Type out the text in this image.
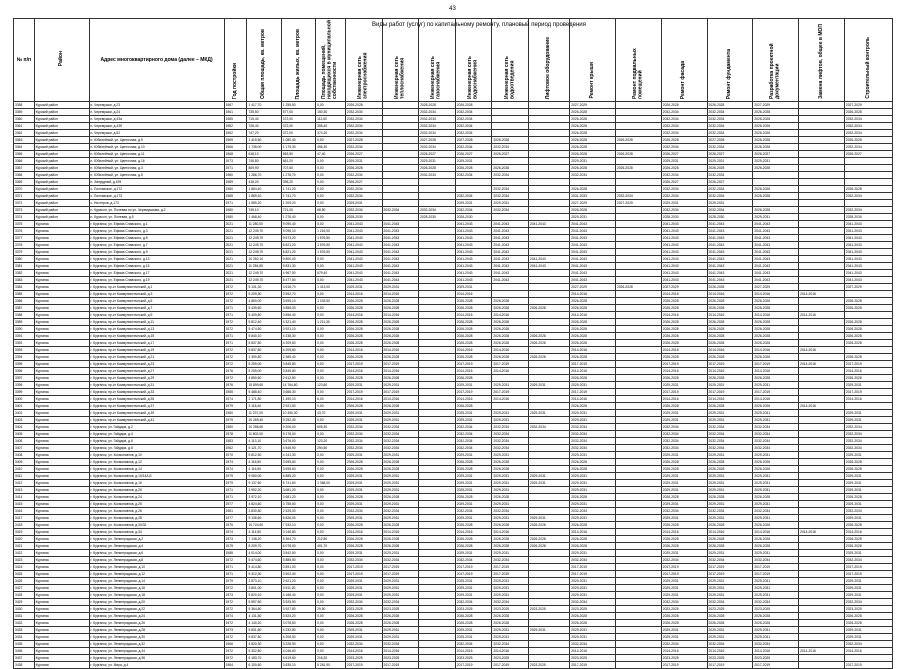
43
№ п/п	Район	Адрес многоквартирного дома (далее – МКД)	Год постройки	Общая площадь, кв. метров	Площадь жилых, кв. метров	Площадь помещений, находящихся в муниципальной собственности	Инженерная сеть электроснабжения	Инженерная сеть теплоснабжения	Инженерная сеть газоснабжения	Инженерная сеть водоснабжения	Инженерная сеть водоотведения	Лифтовое оборудование	Ремонт крыши	Ремонт подвальных помещений	Ремонт фасада	Ремонт фундамента	Разработка проектной документации	Замена лифтов, общее в МОП	Строительный контроль
3358	Курский район	п. Черемушки, д.23	1967	1 417,70	1 255,50	0,00	2026-2028		2026-2028	2026-2028			2027-2029		2026-2028	2026-2028	2027-2029		2027-2029
3359	Курский район	п. Черемушки, д.24	1961	735,50	577,00	150,30	2032-2034		2032-2034	2032-2034			2026-2028		2032-2034	2032-2034	2026-2028		2026-2028
3360	Курский район	п. Черемушки, д.43а	1985	715,40	372,00	112,60	2032-2034		2032-2034	2032-2034			2026-2028		2032-2034	2032-2034	2026-2028		2032-2034
3361	Курский район	п. Черемушки, д.43б	1982	728,40	372,00	355,40	2032-2034		2032-2034	2032-2034			2026-2028		2032-2034	2032-2034	2026-2028		2032-2034
3362	Курский район	п. Черемушки, д.52	1962	747,20	372,00	374,20	2032-2034		2032-2034	2032-2034			2026-2028		2032-2034	2032-2034	2026-2028		2032-2034
3363	Курский район	п. Юбилейный, ул. Цветочная, д.9	1969	1 415,50	1 080,40	0,00	2027-2028		2027-2028	2027-2028	2026-2028		2026-2028	2026-2028	2026-2028	2027-2028	2026-2028		2026-2028
3364	Курский район	п. Юбилейный, ул. Цветочная, д.10	1966	1 738,00	1 175,30	456,30	2032-2034		2032-2034	2032-2034	2032-2034		2026-2028		2032-2034	2032-2034	2026-2028		2032-2034
3365	Курский район	п. Юбилейный, ул. Цветочная, д.11	1968	618,10	563,50	47,40	2026-2027		2026-2027	2026-2027	2026-2027		2026-2028	2026-2028	2026-2027	2026-2027	2026-2027		2026-2027
3366	Курский район	п. Юбилейный, ул. Цветочная, д.16	1973	746,80	681,20	0,00	2029-2031		2029-2031	2029-2031			2029-2031		2029-2031	2029-2031	2029-2031		
3367	Курский район	п. Юбилейный, ул. Цветочная, д.3	1971	809,90	707,60	0,00	2026-2028		2026-2028	2026-2028	2026-2028		2026-2028	2026-2028	2026-2028	2026-2028	2026-2028		
3368	Курский район	п. Юбилейный, ул. Цветочная, д.5	1980	1 286,70	1 278,70	0,00	2032-2034		2032-2034	2032-2034	2032-2034		2032-2034		2032-2034	2032-2034			
3369	Курский район	п. Запрудный, д.199	1989	418,20	395,20	0,00	2026-2027								2026-2027	2026-2027			
3370	Курский район	с. Полтавское, д.172	1980	1 884,40	1 741,20	0,00	2032-2034				2032-2034		2026-2028		2032-2034	2032-2034	2026-2028		2026-2028
3371	Курский район	с. Полтавское, д.173	1985	1 869,10	1 741,70	0,00	2032-2034			2032-2034	2032-2034		2031-2033	2032-2034	2032-2034	2032-2034	2026-2028		2032-2034
3372	Курский район	с. Нестеров, д.173	1971	1 589,20	1 205,20	0,00	2029-2031			2029-2031	2029-2031		2027-2029	2027-2029	2029-2031	2029-2031			
3373	Курский район	п. Курасон, ул. Полевая по ул. Черемушкова, д.2	1980	745,10	721,00	68,50	2032-2034	2032-2034	2032-2034	2032-2034	2032-2034		2026-2028		2032-2034	2032-2034	2026-2028		2032-2034
3374	Курский район	п. Курасон, ул. Полевая, д.5	1980	1 468,40	1 276,40	0,00	2028-2030		2028-2030	2028-2030			2029-2031		2028-2030	2028-2030	2029-2031		2028-2030
3375	Курганск	г. Курганск, ул. Ефима Славского, д.1	2021	11 280,00	9 090,40	0,00	2041-2043	2041-2043		2041-2043	2041-2043	2041-2043	2041-2043		2041-2043	2041-2043	2041-2043		2041-2043
3376	Курганск	г. Курганск, ул. Ефима Славского, д.3	2021	12 249,70	9 096,10	1 216,00	2041-2043	2041-2043		2041-2043	2041-2043		2041-2043		2041-2043	2041-2043	2041-2043		2041-2043
3377	Курганск	г. Курганск, ул. Ефима Славского, д.5	2021	12 249,70	9 673,20	1 576,50	2041-2043	2041-2043		2041-2043	2041-2043		2041-2043		2041-2043	2041-2043	2041-2043		2041-2043
3378	Курганск	г. Курганск, ул. Ефима Славского, д.7	2021	12 249,70	8 821,20	1 576,50	2041-2043	2041-2043		2041-2043	2041-2043		2041-2043		2041-2043	2041-2043	2041-2043		2041-2043
3379	Курганск	г. Курганск, ул. Ефима Славского, д.9	2021	12 249,70	8 821,20	1 576,50	2041-2043	2041-2043		2041-2043	2041-2043		2041-2043		2041-2043	2041-2043	2041-2043		2041-2043
3380	Курганск	г. Курганск, ул. Ефима Славского, д.13	2021	10 262,10	9 800,00	0,00	2041-2043	2041-2043		2041-2043	2041-2043	2041-2043	2041-2043		2041-2043	2041-2043	2041-2043		2041-2043
3381	Курганск	г. Курганск, ул. Ефима Славского, д.15	2021	11 254,80	9 831,30	0,00	2041-2043	2041-2043		2041-2043	2041-2043	2041-2043	2041-2043		2041-2043	2041-2043	2041-2043		2041-2043
3382	Курганск	г. Курганск, ул. Ефима Славского, д.17	2021	12 249,70	4 967,50	679,40	2041-2043	2041-2043		2041-2043	2041-2043		2041-2043		2041-2043	2041-2043	2041-2043		2041-2043
3383	Курганск	г. Курганск, ул. Ефима Славского, д.19	2021	12 249,70	8 477,50	0,00	2041-2043	2041-2043		2041-2043	2041-2043		2041-2043		2041-2043	2041-2043	2041-2043		2041-2043
3384	Курганск	г. Курганск, пр-кт Коммунистический, д.1	1972	5 131,30	3 616,70	1 413,00	2029-2031	2029-2031		2029-2031			2027-2029	2026-2028	2027-2029	2026-2028	2027-2029		2027-2029
3385	Курганск	г. Курганск, пр-кт Коммунистический, д.3	1972	5 209,30	3 952,70	0,00	2014-2016	2014-2016		2014-2016			2014-2016		2014-2016	2014-2016	2014-2016	2014-2016	
3386	Курганск	г. Курганск, пр-кт Коммунистический, д.5	1972	4 860,00	3 695,10	1 033,50	2026-2028	2026-2028		2026-2028	2026-2028		2026-2028		2026-2028	2026-2028	2026-2028		2026-2028
3387	Курганск	г. Курганск, пр-кт Коммунистический, д.7	1971	5 439,60	3 856,00	0,00	2026-2028	2026-2028		2026-2028	2026-2028	2026-2028	2026-2028		2026-2028	2026-2028	2026-2028		2026-2028
3388	Курганск	г. Курганск, пр-кт Коммунистический, д.9	1971	5 409,80	3 856,40	0,00	2014-2016	2014-2016		2014-2016	2014-2016		2014-2016		2014-2016	2014-2016	2014-2016	2014-2016	
3389	Курганск	г. Курганск, пр-кт Коммунистический, д.11	1972	5 812,40	4 321,40	1 211,30	2026-2028	2026-2028		2026-2028	2026-2028		2026-2028		2026-2028	2026-2028	2026-2028		2026-2028
3390	Курганск	г. Курганск, пр-кт Коммунистический, д.13	1972	5 474,50	3 921,10	0,00	2026-2028	2026-2028		2026-2028	2026-2028		2026-2028		2026-2028	2026-2028	2026-2028		2026-2028
3391	Курганск	г. Курганск, пр-кт Коммунистический, д.15	1971	5 840,10	4 238,30	0,00	2026-2028	2026-2028		2026-2028	2026-2028	2026-2028	2026-2028		2026-2028	2026-2028	2026-2028		2026-2028
3392	Курганск	г. Курганск, пр-кт Коммунистический, д.17	1971	5 837,80	4 209,60	0,00	2026-2028	2026-2028		2026-2028	2026-2028	2026-2028	2026-2028		2026-2028	2026-2028	2026-2028		2026-2028
3393	Курганск	г. Курганск, пр-кт Коммунистический, д.19	1972	5 837,80	4 209,60	0,00	2014-2016	2014-2016		2014-2016	2014-2016		2014-2016		2014-2016	2014-2016	2014-2016	2014-2016	
3394	Курганск	г. Курганск, пр-кт Коммунистический, д.21	1972	2 390,80	2 385,40	0,00	2026-2028	2026-2028		2026-2028	2026-2028	2026-2028	2026-2028		2026-2028	2026-2028	2026-2028		2026-2028
3395	Курганск	г. Курганск, пр-кт Коммунистический, д.23	1972	5 259,00	3 845,80	0,00	2017-2019	2017-2019		2017-2019	2017-2019		2017-2019		2017-2019	2017-2019	2017-2019	2014-2016	2017-2019
3396	Курганск	г. Курганск, пр-кт Коммунистический, д.27	1976	5 259,00	3 845,80	0,00	2014-2016	2014-2016		2014-2016	2014-2016		2014-2016		2014-2016	2014-2016	2014-2016		2014-2016
3397	Курганск	г. Курганск, пр-кт Коммунистический, д.29	1972	4 850,60	2 612,50	0,00	2026-2028	2026-2028		2026-2028			2026-2028		2026-2028	2026-2028	2026-2028		2026-2028
3398	Курганск	г. Курганск, пр-кт Коммунистический, д.31	1976	15 899,60	14 764,80	123,80	2029-2031	2029-2031		2029-2031	2029-2031	2029-2031	2029-2031		2029-2031	2029-2031	2029-2031		2029-2031
3399	Курганск	г. Курганск, пр-кт Коммунистический, д.33	1985	5 488,40	3 666,30	0,00	2017-2019	2017-2019		2017-2019	2017-2019		2017-2019		2017-2019	2017-2019	2017-2019		2017-2019
3400	Курганск	г. Курганск, пр-кт Коммунистический, д.35	1974	2 171,80	1 490,10	6,00	2014-2016	2014-2016		2014-2016	2014-2016		2014-2016		2014-2016	2014-2016	2014-2016		2014-2016
3401	Курганск	г. Курганск, пр-кт Коммунистический, д.37	1979	3 118,40	2 921,50	0,00	2026-2028	2026-2028		2026-2028			2026-2028		2026-2028	2026-2028	2026-2028	2014-2016	
3402	Курганск	г. Курганск, пр-кт Коммунистический, д.39	1980	11 237,00	10 350,30	43,70	2029-2031	2029-2031		2029-2031	2029-2031	2029-2031	2029-2031		2029-2031	2029-2031	2029-2031		2029-2031
3403	Курганск	г. Курганск, пр-кт Коммунистический, д.41	1979	10 269,40	9 252,40	0,00	2029-2031	2029-2031		2029-2031	2029-2031		2029-2031		2029-2031	2029-2031	2029-2031		2029-2031
3404	Курганск	г. Курганск, ул. Гайдара, д.2	1980	10 286,60	9 206,00	605,30	2032-2034	2032-2034		2032-2034	2032-2034	2032-2034	2032-2034		2032-2034	2032-2034	2032-2034		2032-2034
3405	Курганск	г. Курганск, ул. Гайдара, д.4	1978	11 802,00	9 178,00	0,00	2032-2034	2032-2034		2032-2034	2032-2034		2032-2034		2032-2034	2032-2034	2032-2034		2032-2034
3406	Курганск	г. Курганск, ул. Гайдара, д.6	1983	4 113,10	3 676,00	123,20	2032-2034	2032-2034		2032-2034	2032-2034		2032-2034		2032-2034	2032-2034	2032-2034		2032-2034
3407	Курганск	г. Курганск, ул. Гайдара, д.8	1962	5 121,70	4 545,90	294,50	2032-2034	2032-2034		2032-2034	2032-2034		2032-2034		2032-2034	2032-2034	2032-2034		2032-2034
3408	Курганск	г. Курганск, ул. Космонавтов, д.10	1970	5 812,50	4 241,30	0,00	2029-2031	2029-2031		2029-2031	2029-2031		2029-2031		2029-2031	2029-2031	2029-2031		2029-2031
3409	Курганск	г. Курганск, ул. Космонавтов, д.12	1974	4 116,50	3 695,60	0,00	2026-2028	2026-2028		2026-2028	2026-2028		2026-2028		2026-2028	2026-2028	2026-2028		2026-2028
3410	Курганск	г. Курганск, ул. Космонавтов, д.14	1974	4 116,50	3 695,60	0,00	2026-2028	2026-2028		2026-2028	2026-2028		2026-2028		2026-2028	2026-2028	2026-2028		2026-2028
3411	Курганск	г. Курганск, ул. Космонавтов, д.10/14А,Б	1979	9 080,00	6 885,20	0,00	2029-2031	2029-2031		2029-2031	2029-2031	2029-2031	2029-2031		2029-2031	2029-2031	2029-2031		2029-2031
3412	Курганск	г. Курганск, ул. Космонавтов, д.16	1979	9 137,60	6 741,60	1 368,00	2029-2031	2029-2031		2029-2031	2029-2031	2029-2031	2029-2031		2029-2031	2029-2031	2029-2031		2029-2031
3413	Курганск	г. Курганск, ул. Космонавтов, д.20	1971	3 992,20	3 681,20	0,00	2029-2031	2029-2031		2029-2031	2029-2031		2029-2031		2029-2031	2029-2031	2029-2031		2029-2031
3414	Курганск	г. Курганск, ул. Космонавтов, д.24	1971	3 972,10	3 681,20	0,00	2026-2028	2026-2028		2026-2028	2026-2028		2026-2028		2026-2028	2026-2028	2026-2028		2026-2028
3415	Курганск	г. Курганск, ул. Космонавтов, д.25	1977	4 824,60	3 758,60	0,00	2029-2031	2029-2031		2029-2031	2029-2031		2029-2031		2029-2031	2029-2031	2029-2031		2029-2031
3416	Курганск	г. Курганск, ул. Космонавтов, д.26	1981	3 830,80	2 525,00	0,00	2032-2034	2032-2034		2032-2034	2032-2034		2032-2034		2032-2034	2032-2034	2032-2034		2032-2034
3417	Курганск	г. Курганск, ул. Космонавтов, д.28	1977	9 136,60	5 826,00	0,00	2029-2031	2029-2031		2029-2031	2029-2031	2029-2031	2029-2031		2029-2031	2029-2031	2029-2031		2029-2031
3418	Курганск	г. Курганск, ул. Космонавтов, д.30/32	1975	10 724,60	7 932,10	0,00	2026-2028	2026-2028		2026-2028	2026-2028	2026-2028	2026-2028		2026-2028	2026-2028	2026-2028		2026-2028
3419	Курганск	г. Курганск, ул. Космонавтов, д.34	1974	4 114,50	3 146,80	0,00	2014-2016	2014-2016		2014-2016	2014-2016		2014-2016		2014-2016	2014-2016	2014-2016	2014-2016	2014-2016
3420	Курганск	г. Курганск, ул. Ленинградская, д.2	1973	7 138,20	5 364,70	212,80	2026-2028	2026-2028		2026-2028	2026-2028	2026-2028	2026-2028		2026-2028	2026-2028	2026-2028		2026-2028
3421	Курганск	г. Курганск, ул. Ленинградская, д.4	1975	8 209,70	6 078,00	401,70	2026-2028	2026-2028		2026-2028	2026-2028	2026-2028	2026-2028		2026-2028	2026-2028	2026-2028		2026-2028
3422	Курганск	г. Курганск, ул. Ленинградская, д.6	1988	4 014,00	3 842,50	0,00	2029-2031	2029-2031		2029-2031	2029-2031		2029-2031		2029-2031	2029-2031	2029-2031		2029-2031
3423	Курганск	г. Курганск, ул. Ленинградская, д.8	1972	5 474,60	3 885,50	0,00	2032-2034	2032-2034		2032-2034	2032-2034		2032-2034		2032-2034	2032-2034	2032-2034		2032-2034
3424	Курганск	г. Курганск, ул. Ленинградская, д.10	1971	5 414,80	3 891,00	0,00	2017-2019	2017-2019		2017-2019	2017-2019		2017-2019		2017-2019	2017-2019	2017-2019		2017-2019
3425	Курганск	г. Курганск, ул. Ленинградская, д.12	1971	5 312,30	3 902,40	0,00	2017-2019	2017-2019		2017-2019	2017-2019		2017-2019		2017-2019	2017-2019	2017-2019		2017-2019
3426	Курганск	г. Курганск, ул. Ленинградская, д.14	1979	2 873,10	2 621,20	0,00	2029-2031	2029-2031		2029-2031	2029-2031		2029-2031		2029-2031	2029-2031	2029-2031		2029-2031
3427	Курганск	г. Курганск, ул. Ленинградская, д.16	1972	3 801,00	3 511,20	0,00	2029-2031	2029-2031		2029-2031	2029-2031		2029-2031		2029-2031	2029-2031	2029-2031		2029-2031
3428	Курганск	г. Курганск, ул. Ленинградская, д.18	1973	5 820,10	4 168,40	0,00	2029-2031	2029-2031		2029-2031	2029-2031		2029-2031		2029-2031	2029-2031	2029-2031		2029-2031
3429	Курганск	г. Курганск, ул. Ленинградская, д.20	1972	5 597,50	3 925,90	0,00	2032-2034	2032-2034		2032-2034	2032-2034		2032-2034		2032-2034	2032-2034	2032-2034		2032-2034
3430	Курганск	г. Курганск, ул. Ленинградская, д.22	1972	5 364,80	3 927,80	29,50	2023-2025	2023-2025		2023-2025	2023-2025	2023-2025	2023-2025		2023-2025	2023-2025	2023-2025		2023-2025
3431	Курганск	г. Курганск, ул. Ленинградская, д.24	1974	4 131,50	3 524,20	0,00	2026-2028	2026-2028		2026-2028	2026-2028		2026-2028		2026-2028	2026-2028	2026-2028		2026-2028
3432	Курганск	г. Курганск, ул. Ленинградская, д.26	1972	4 140,20	3 078,60	0,00	2026-2028	2026-2028		2026-2028	2026-2028		2026-2028		2026-2028	2026-2028	2026-2028		2026-2028
3433	Курганск	г. Курганск, ул. Ленинградская, д.28	1973	5 831,80	4 232,80	0,00	2029-2031	2029-2031		2029-2031	2029-2031	2029-2031	2029-2031		2029-2031	2029-2031	2029-2031		2029-2031
3434	Курганск	г. Курганск, ул. Ленинградская, д.30	1972	5 837,80	4 208,50	0,00	2029-2031	2029-2031		2029-2031	2029-2031		2029-2031		2029-2031	2029-2031	2029-2031		2029-2031
3435	Курганск	г. Курганск, ул. Ленинградская, д.32	1966	4 820,30	3 228,90	0,00	2032-2034	2032-2034		2032-2034	2032-2034		2032-2034		2032-2034	2032-2034	2032-2034		2032-2034
3436	Курганск	г. Курганск, ул. Ленинградская, д.34	1972	5 302,80	4 046,60	0,00	2014-2016	2014-2016		2014-2016	2014-2016		2014-2016		2014-2016	2014-2016	2014-2016	2014-2016	2014-2016
3437	Курганск	г. Курганск, ул. Ленинградская, д.36	1972	6 183,70	4 619,60	216,20	2023-2025	2023-2025		2023-2025	2023-2025		2023-2025		2023-2025	2023-2025	2023-2025		
3438	Курганск	г. Курганск, ул. Мира, д.4	1984	6 100,60	3 835,10	5 261,90	2017-2019	2017-2019		2017-2019	2017-2019	2023-2025	2017-2019		2017-2019	2017-2019	2017-2019		2017-2019
Виды работ (услуг) по капитальному ремонту, плановый период проведения
